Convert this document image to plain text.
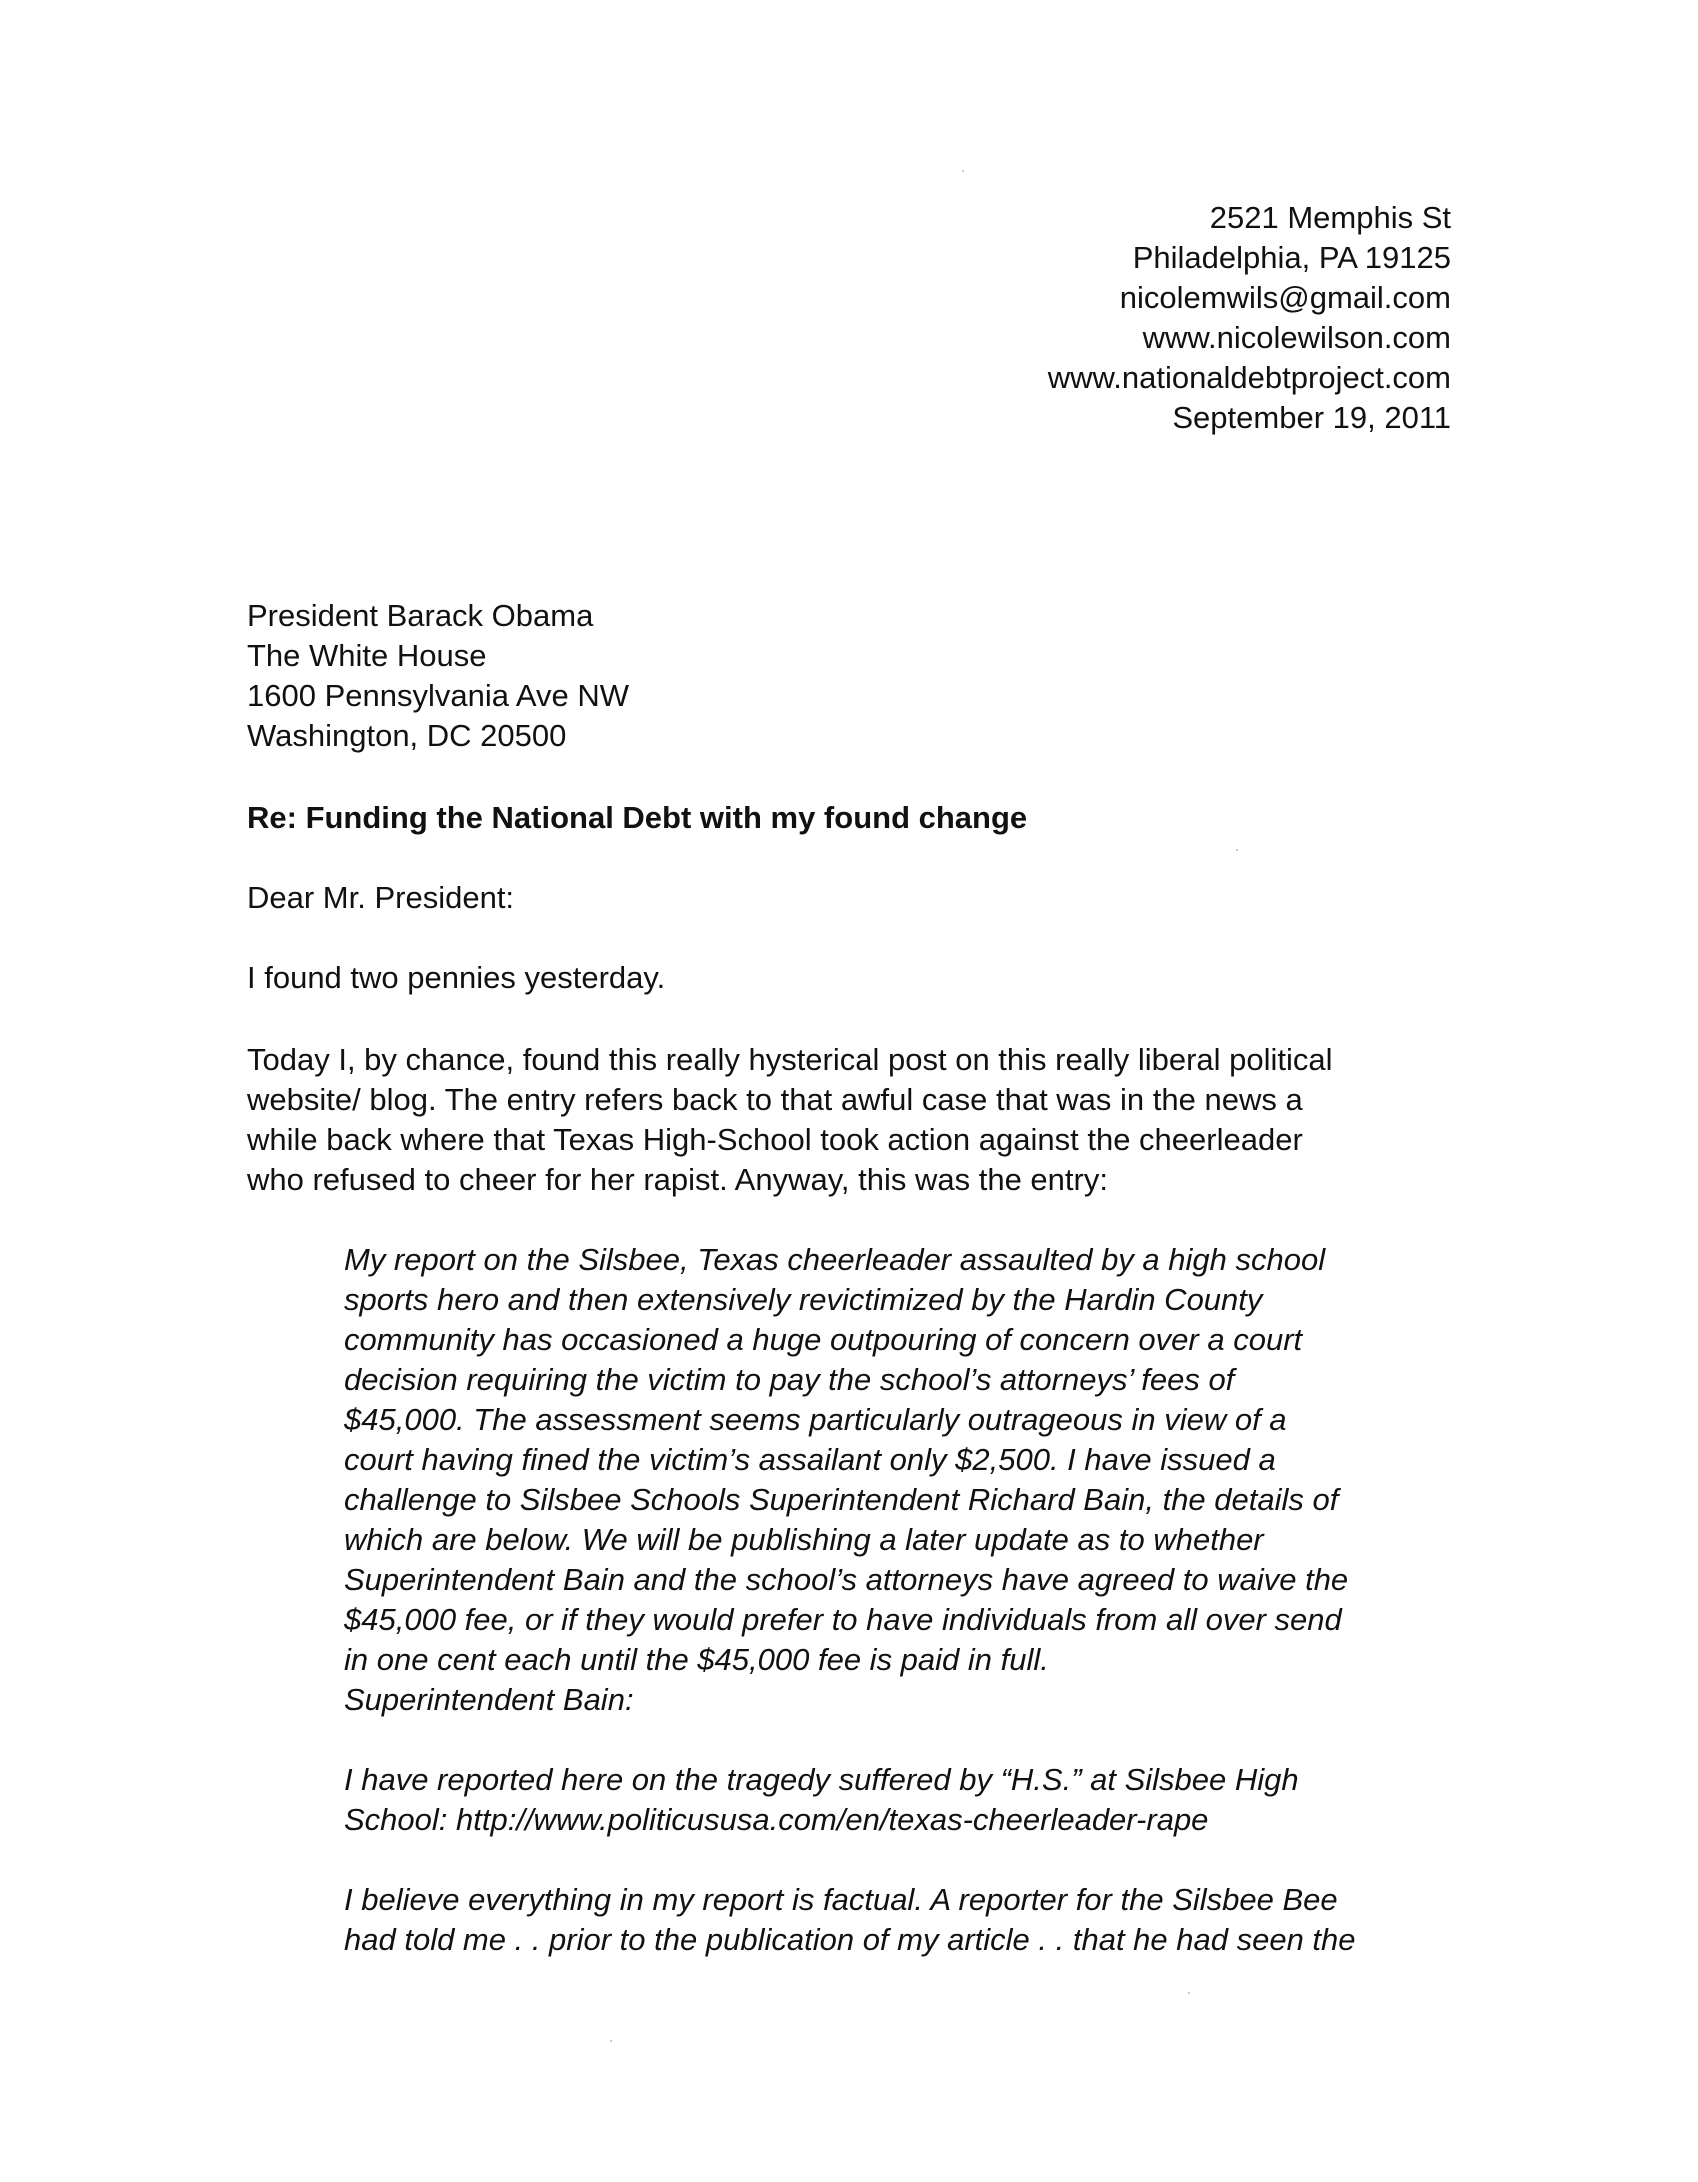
2521 Memphis St
Philadelphia, PA 19125
nicolemwils@gmail.com
www.nicolewilson.com
www.nationaldebtproject.com
September 19, 2011
President Barack Obama
The White House
1600 Pennsylvania Ave NW
Washington, DC 20500
Re: Funding the National Debt with my found change
Dear Mr. President:
I found two pennies yesterday.
Today I, by chance, found this really hysterical post on this really liberal political
website/ blog. The entry refers back to that awful case that was in the news a
while back where that Texas High-School took action against the cheerleader
who refused to cheer for her rapist. Anyway, this was the entry:
My report on the Silsbee, Texas cheerleader assaulted by a high school
sports hero and then extensively revictimized by the Hardin County
community has occasioned a huge outpouring of concern over a court
decision requiring the victim to pay the school’s attorneys’ fees of
$45,000. The assessment seems particularly outrageous in view of a
court having fined the victim’s assailant only $2,500. I have issued a
challenge to Silsbee Schools Superintendent Richard Bain, the details of
which are below. We will be publishing a later update as to whether
Superintendent Bain and the school’s attorneys have agreed to waive the
$45,000 fee, or if they would prefer to have individuals from all over send
in one cent each until the $45,000 fee is paid in full.
Superintendent Bain:
I have reported here on the tragedy suffered by “H.S.” at Silsbee High
School: http://www.politicususa.com/en/texas-cheerleader-rape
I believe everything in my report is factual. A reporter for the Silsbee Bee
had told me . . prior to the publication of my article . . that he had seen the
